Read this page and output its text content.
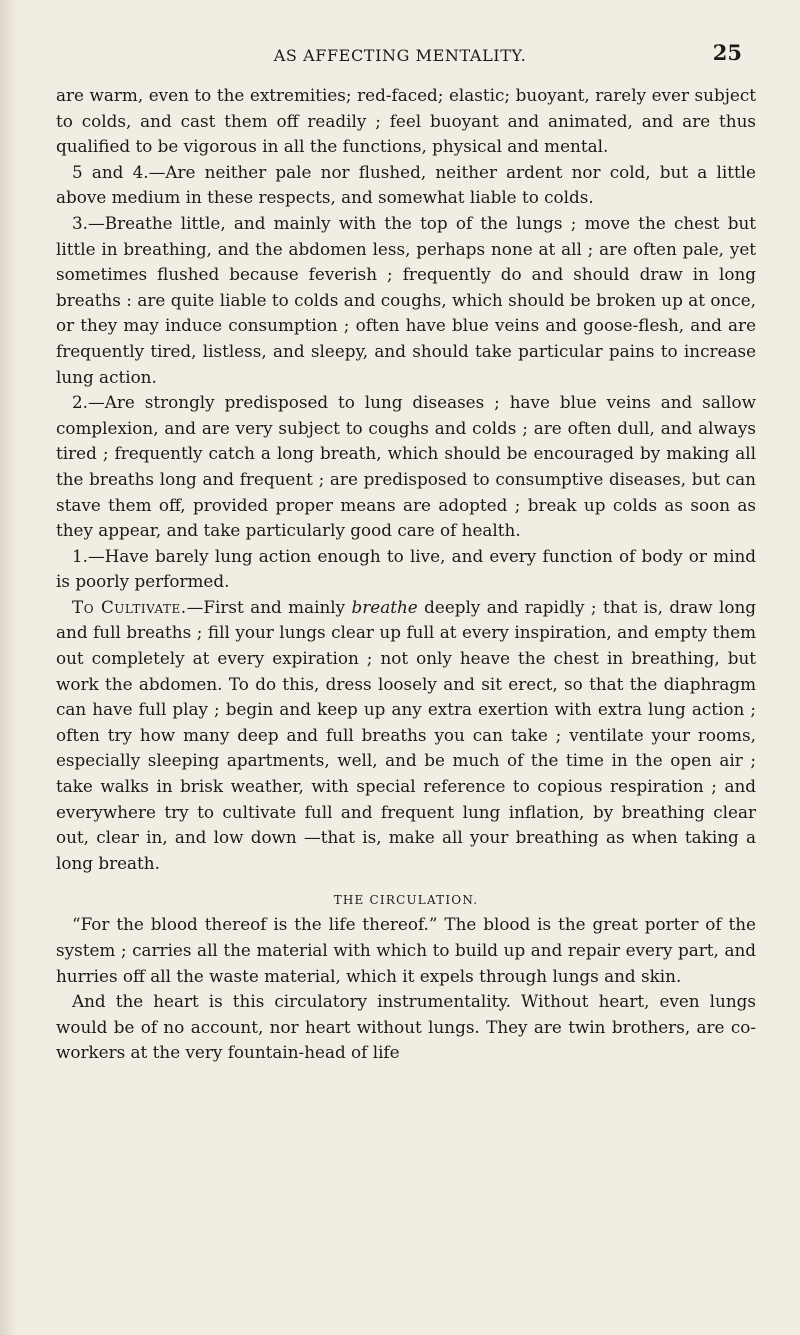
AS AFFECTING MENTALITY.	25

are warm, even to the extremities; red-faced; elastic; buoyant, rarely ever subject to colds, and cast them off readily ; feel buoyant and animated, and are thus qualified to be vigorous in all the functions, physical and mental.

5 and 4.—Are neither pale nor flushed, neither ardent nor cold, but a little above medium in these respects, and somewhat liable to colds.

3.—Breathe little, and mainly with the top of the lungs ; move the chest but little in breathing, and the abdomen less, perhaps none at all ; are often pale, yet sometimes flushed because feverish ; frequently do and should draw in long breaths : are quite liable to colds and coughs, which should be broken up at once, or they may induce consumption ; often have blue veins and goose-flesh, and are frequently tired, listless, and sleepy, and should take particular pains to increase lung action.

2.—Are strongly predisposed to lung diseases ; have blue veins and sallow complexion, and are very subject to coughs and colds ; are often dull, and always tired ; frequently catch a long breath, which should be encouraged by making all the breaths long and frequent ; are predisposed to consumptive diseases, but can stave them off, provided proper means are adopted ; break up colds as soon as they appear, and take particularly good care of health.

1.—Have barely lung action enough to live, and every function of body or mind is poorly performed.

To Cultivate.—First and mainly breathe deeply and rapidly ; that is, draw long and full breaths ; fill your lungs clear up full at every inspiration, and empty them out completely at every expiration ; not only heave the chest in breathing, but work the abdomen. To do this, dress loosely and sit erect, so that the diaphragm can have full play ; begin and keep up any extra exertion with extra lung action ; often try how many deep and full breaths you can take ; ventilate your rooms, especially sleeping apartments, well, and be much of the time in the open air ; take walks in brisk weather, with special reference to copious respiration ; and everywhere try to cultivate full and frequent lung inflation, by breathing clear out, clear in, and low down —that is, make all your breathing as when taking a long breath.

THE CIRCULATION.

“For the blood thereof is the life thereof.” The blood is the great porter of the system ; carries all the material with which to build up and repair every part, and hurries off all the waste material, which it expels through lungs and skin.

And the heart is this circulatory instrumentality. Without heart, even lungs would be of no account, nor heart without lungs. They are twin brothers, are co-workers at the very fountain-head of life
